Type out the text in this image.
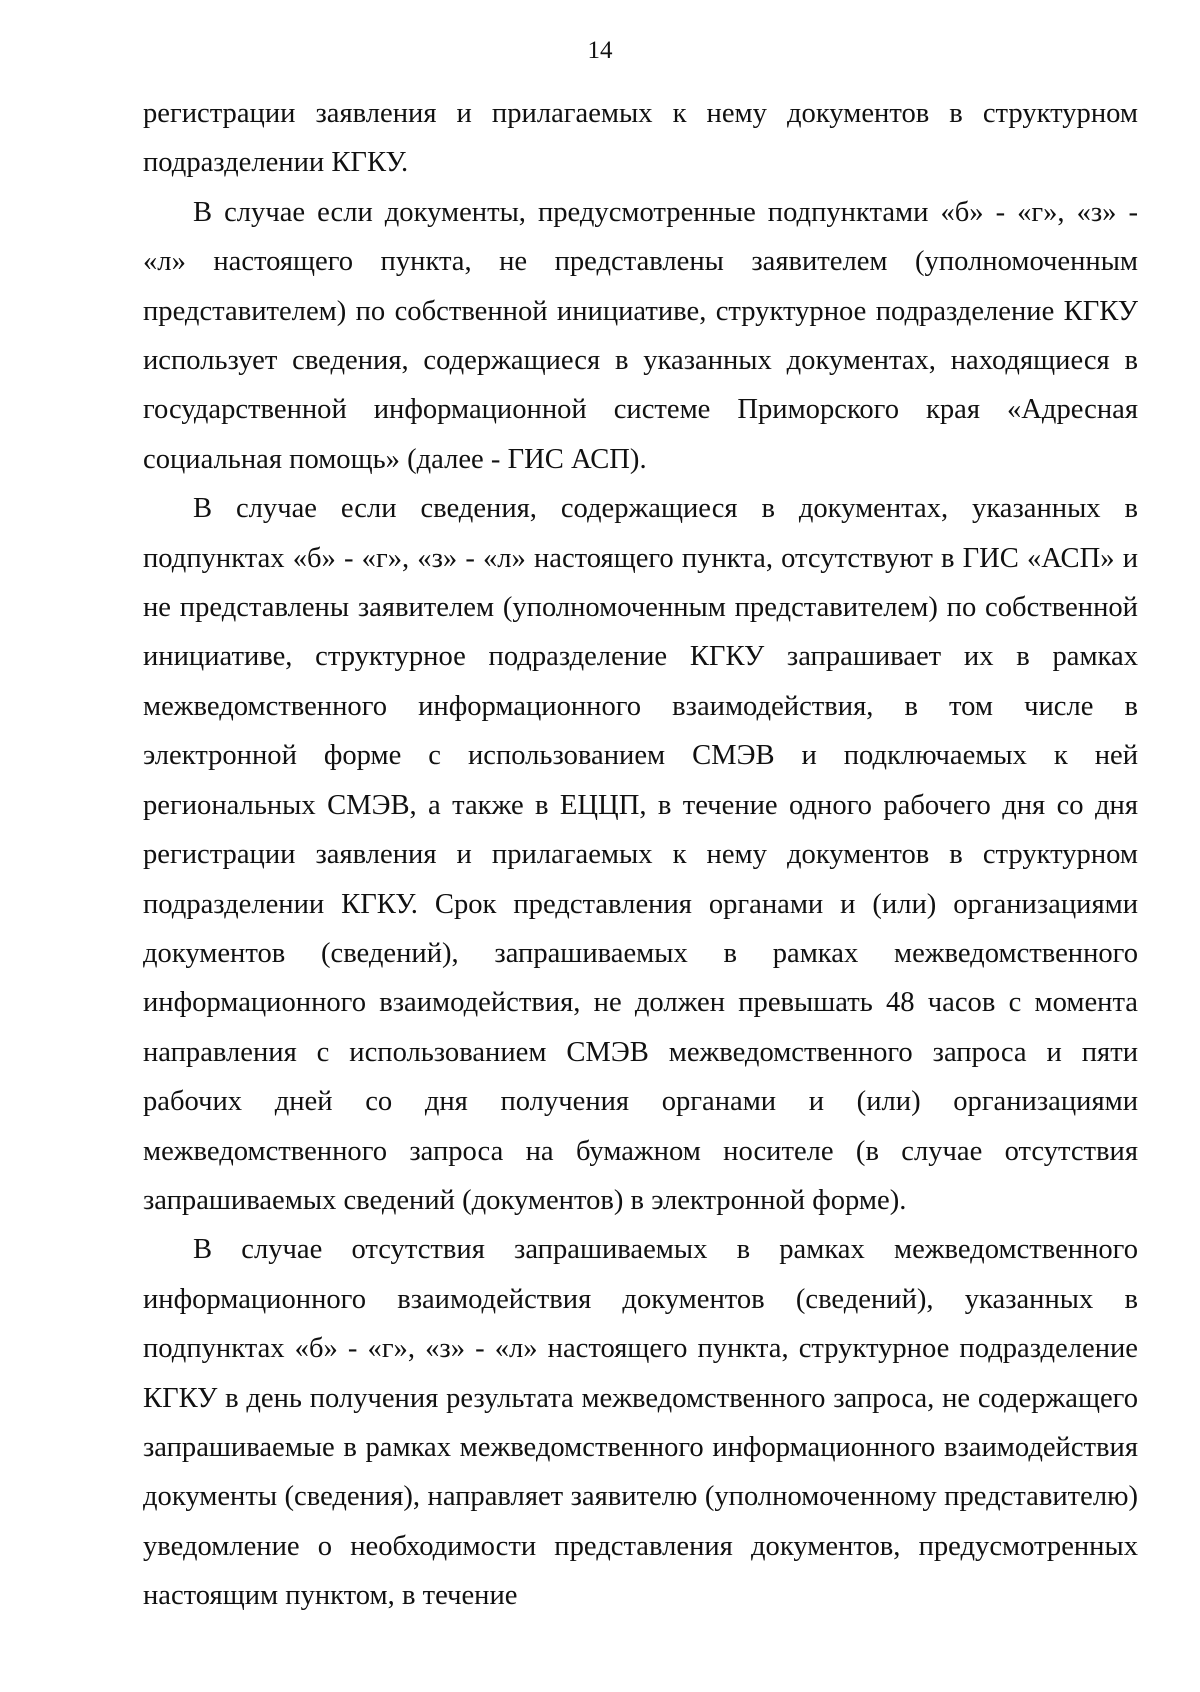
14

регистрации заявления и прилагаемых к нему документов в структурном подразделении КГКУ.

В случае если документы, предусмотренные подпунктами «б» - «г», «з» - «л» настоящего пункта, не представлены заявителем (уполномоченным представителем) по собственной инициативе, структурное подразделение КГКУ использует сведения, содержащиеся в указанных документах, находящиеся в государственной информационной системе Приморского края «Адресная социальная помощь» (далее - ГИС АСП).

В случае если сведения, содержащиеся в документах, указанных в подпунктах «б» - «г», «з» - «л» настоящего пункта, отсутствуют в ГИС «АСП» и не представлены заявителем (уполномоченным представителем) по собственной инициативе, структурное подразделение КГКУ запрашивает их в рамках межведомственного информационного взаимодействия, в том числе в электронной форме с использованием СМЭВ и подключаемых к ней региональных СМЭВ, а также в ЕЦЦП, в течение одного рабочего дня со дня регистрации заявления и прилагаемых к нему документов в структурном подразделении КГКУ. Срок представления органами и (или) организациями документов (сведений), запрашиваемых в рамках межведомственного информационного взаимодействия, не должен превышать 48 часов с момента направления с использованием СМЭВ межведомственного запроса и пяти рабочих дней со дня получения органами и (или) организациями межведомственного запроса на бумажном носителе (в случае отсутствия запрашиваемых сведений (документов) в электронной форме).

В случае отсутствия запрашиваемых в рамках межведомственного информационного взаимодействия документов (сведений), указанных в подпунктах «б» - «г», «з» - «л» настоящего пункта, структурное подразделение КГКУ в день получения результата межведомственного запроса, не содержащего запрашиваемые в рамках межведомственного информационного взаимодействия документы (сведения), направляет заявителю (уполномоченному представителю) уведомление о необходимости представления документов, предусмотренных настоящим пунктом, в течение
